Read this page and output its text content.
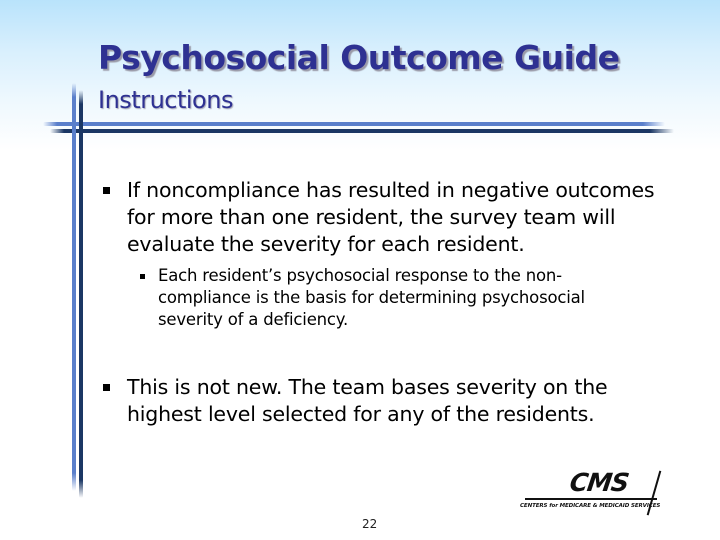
Psychosocial Outcome Guide
Instructions
If noncompliance has resulted in negative outcomes for more than one resident, the survey team will evaluate the severity for each resident.
Each resident’s psychosocial response to the non-compliance is the basis for determining psychosocial severity of a deficiency.
This is not new. The team bases severity on the highest level selected for any of the residents.
CMS
CENTERS for MEDICARE & MEDICAID SERVICES
22
